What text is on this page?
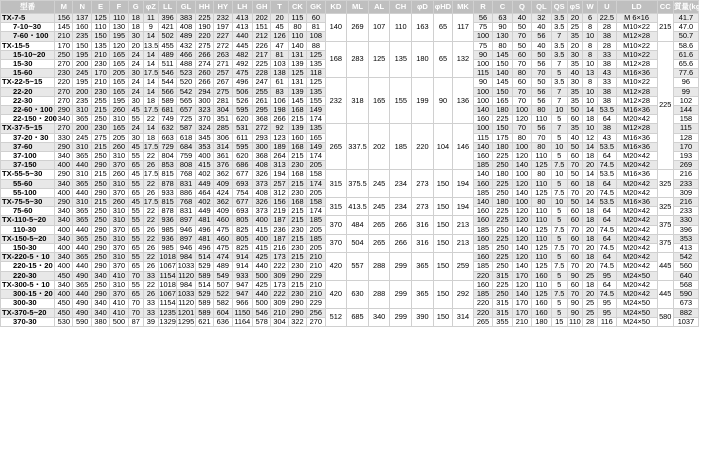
型番	M	N	E	F	G	φZ	LL	GL	HH	HY	LH	GH	T	CK	GK	KD	ML	AL	CH	φD	φHD	MK	R	C	Q	QL	QS	φS	W	U	LD	CC	質量(kg)
TX-7-5	156	137	125	110	18	11	396	383	225	232	413	202	20	115	60	140	269	107	110	163	65	117	56	63	40	32	3.5	20	6	22.5	M 6×16	215	41.7
7-10~30	145	160	110	130	18	9	421	408	190	197	413	151	45	80	81								75	90	50	40	3.5	25	8	28	M10×22		47.0
7-60・100	210	235	150	195	30	14	502	489	220	227	440	212	126	110	108								100	130	70	56	7	35	10	38	M12×28		50.7
TX-15-5	170	150	135	120	20	13.5	455	432	275	272	445	226	47	140	88	168	283	125	135	180	65	132	75	80	50	40	3.5	20	8	28	M10×22	225	58.6
15-10~20	250	195	210	165	24	14	489	466	266	263	482	217	81	131	125								90	145	60	50	3.5	30	8	33	M10×22		61.6
15-30	270	200	230	165	24	14	511	488	274	271	492	225	103	139	135								100	150	70	56	7	35	10	38	M12×28		65.6
15-60	230	245	170	205	30	17.5	546	523	260	257	475	228	138	125	118								115	140	80	70	5	40	13	43	M16×36		77.6
TX-22-5~15	220	195	210	165	24	14	544	520	266	267	496	247	61	131	125	232	318	165	155	199	90	136	90	145	60	50	3.5	30	8	33	M10×22		96
22-20	270	200	230	165	24	14	566	542	294	275	506	255	83	139	135								100	150	70	56	7	35	10	38	M12×28		99
22-30	270	235	255	195	30	18	589	565	300	281	526	261	106	145	155								100	165	70	56	7	35	10	38	M12×28		102
22-60・100	290	310	215	260	45	17.5	681	657	323	304	595	295	198	168	149								140	180	100	80	10	50	14	53.5	M16×36		144
22-150・200	340	365	250	310	55	22	749	725	370	351	620	368	266	215	174								160	225	120	110	5	60	18	64	M20×42		158
TX-37-5~15	270	200	230	165	24	14	632	587	324	285	531	272	92	139	135	265	337.5	202	185	220	104	146	100	150	70	56	7	35	10	38	M12×28		115
37-20・30	330	245	275	205	30	18	663	618	345	306	611	293	123	160	165								115	175	80	70	5	40	12	43	M16×36		128
37-60	290	310	215	260	45	17.5	729	684	353	314	595	300	189	168	149								140	180	100	80	10	50	14	53.5	M16×36		170
37-100	340	365	250	310	55	22	804	759	400	361	620	368	264	215	174								160	225	120	110	5	60	18	64	M20×42		193
37-150	400	440	290	370	65	26	853	808	415	376	686	408	313	230	205								185	250	140	125	7.5	70	20	74.5	M20×42		269
TX-55-5~30	290	310	215	260	45	17.5	815	768	402	362	677	326	194	168	158	315	375.5	245	234	273	150	194	140	180	100	80	10	50	14	53.5	M16×36	325	216
55-60	340	365	250	310	55	22	878	831	449	409	693	373	257	215	174								160	225	120	110	5	60	18	64	M20×42		233
55-100	400	440	290	370	65	26	933	886	464	424	754	408	312	230	205								185	250	140	125	7.5	70	20	74.5	M20×42		309
TX-75-5~30	290	310	215	260	45	17.5	815	768	402	362	677	326	156	168	158	315	413.5	245	234	273	150	194	140	180	100	80	10	50	14	53.5	M16×36	325	216
75-60	340	365	250	310	55	22	878	831	449	409	693	373	219	215	174								160	225	120	110	5	60	18	64	M20×42		233
TX-110-5~20	340	365	250	310	55	22	936	897	481	460	805	400	187	215	185	370	484	265	266	316	150	213	160	225	120	110	5	60	18	64	M20×42	375	330
110-30	400	440	290	370	65	26	985	946	496	475	825	415	236	230	205								185	250	140	125	7.5	70	20	74.5	M20×42		396
TX-150-5~20	340	365	250	310	55	22	936	897	481	460	805	400	187	215	185	370	504	265	266	316	150	213	160	225	120	110	5	60	18	64	M20×42	375	353
150-30	400	440	290	370	65	26	985	946	496	475	825	415	216	230	205								185	250	140	125	7.5	70	20	74.5	M20×42		413
TX-220-5・10	340	365	250	310	55	22	1018	984	514	474	914	425	173	215	210	420	557	288	299	365	150	259	160	225	120	110	5	60	18	64	M20×42	445	542
220-15・20	400	440	290	370	65	26	1067	1033	529	489	914	440	222	230	210								185	250	140	125	7.5	70	20	74.5	M20×42		560
220-30	450	490	340	410	70	33	1154	1120	589	549	933	500	309	290	229								220	315	170	160	5	90	25	95	M24×50		640
TX-300-5・10	340	365	250	310	55	22	1018	984	514	507	947	425	173	215	210	420	630	288	299	365	150	292	160	225	120	110	5	60	18	64	M20×42	445	568
300-15・20	400	440	290	370	65	26	1067	1033	529	522	947	440	222	230	210								185	250	140	125	7.5	70	20	74.5	M20×42		590
300-30	450	490	340	410	70	33	1154	1120	589	582	966	500	309	290	229								220	315	170	160	5	90	25	95	M24×50		673
TX-370-5~20	450	490	340	410	70	33	1235	1201	589	604	1150	546	210	290	256	512	685	340	299	390	150	314	220	315	170	160	5	90	25	95	M24×50	580	882
370-30	530	590	380	500	87	39	1329	1295	621	636	1164	578	304	322	270								265	355	210	180	15	110	28	116	M24×50		1037
